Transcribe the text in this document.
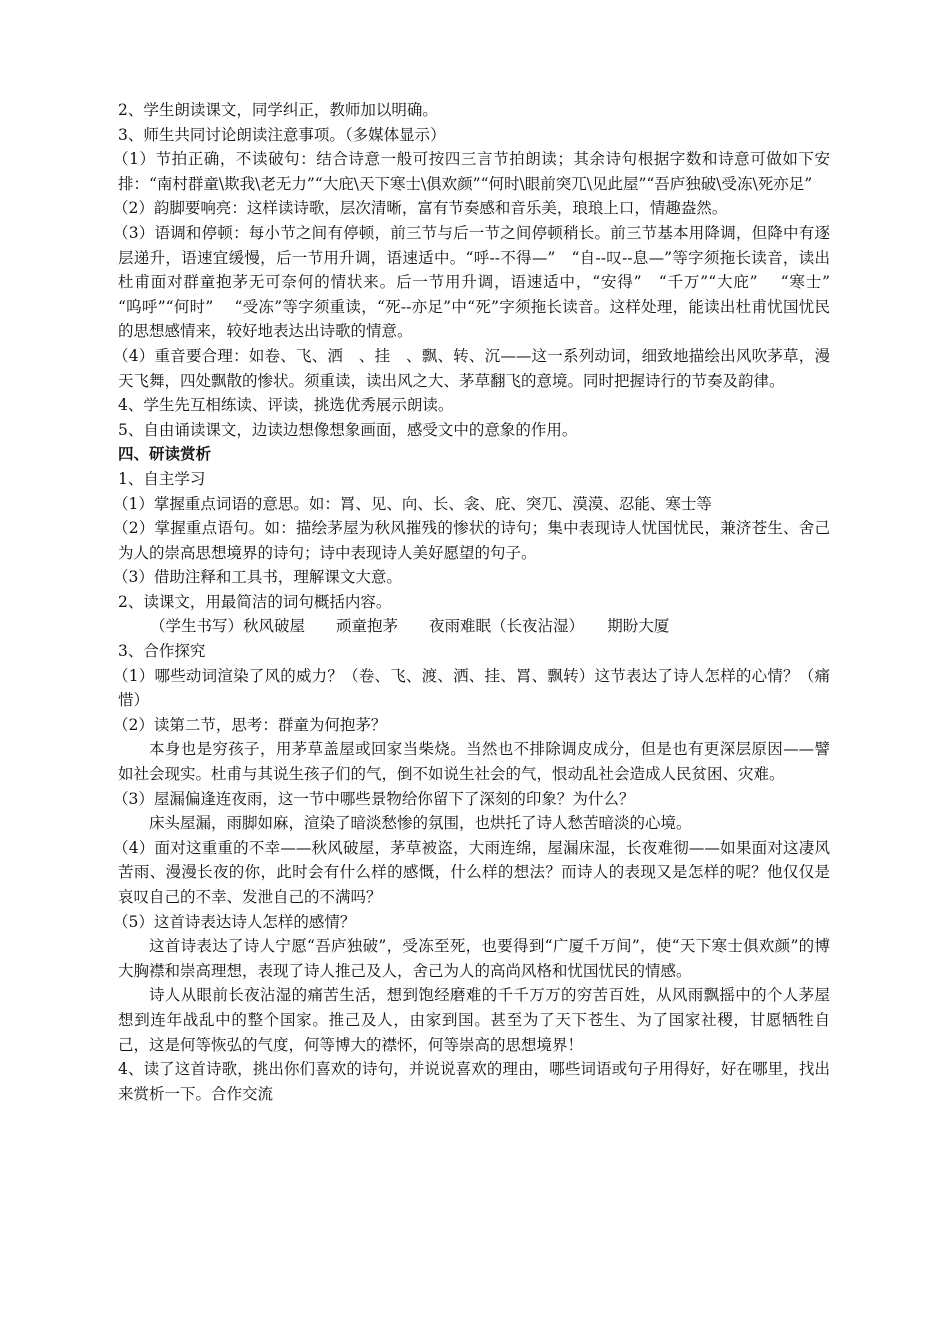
2、学生朗读课文，同学纠正，教师加以明确。

3、师生共同讨论朗读注意事项。（多媒体显示）

（1）节拍正确，不读破句：结合诗意一般可按四三言节拍朗读；其余诗句根据字数和诗意可做如下安排：“南村群童\欺我\老无力”“大庇\天下寒士\俱欢颜”“何时\眼前突兀\见此屋”“吾庐独破\受冻\死亦足”

（2）韵脚要响亮：这样读诗歌，层次清晰，富有节奏感和音乐美，琅琅上口，情趣盎然。

（3）语调和停顿：每小节之间有停顿，前三节与后一节之间停顿稍长。前三节基本用降调，但降中有逐层递升，语速宜缓慢，后一节用升调，语速适中。“呼--不得—”　“自--叹--息—”等字须拖长读音，读出杜甫面对群童抱茅无可奈何的情状来。后一节用升调，语速适中，“安得”　“千万”“大庇”　 “寒士”　 “呜呼”“何时”　 “受冻”等字须重读，“死--亦足”中“死”字须拖长读音。这样处理，能读出杜甫忧国忧民的思想感情来，较好地表达出诗歌的情意。

（4）重音要合理：如卷、飞、洒　、挂　、飘、转、沉——这一系列动词，细致地描绘出风吹茅草，漫天飞舞，四处飘散的惨状。须重读，读出风之大、茅草翻飞的意境。同时把握诗行的节奏及韵律。

4、学生先互相练读、评读，挑选优秀展示朗读。

5、自由诵读课文，边读边想像想象画面，感受文中的意象的作用。

四、研读赏析

1、自主学习

（1）掌握重点词语的意思。如：罥、见、向、长、衾、庇、突兀、漠漠、忍能、寒士等

（2）掌握重点语句。如：描绘茅屋为秋风摧残的惨状的诗句；集中表现诗人忧国忧民，兼济苍生、舍己为人的崇高思想境界的诗句；诗中表现诗人美好愿望的句子。

（3）借助注释和工具书，理解课文大意。

2、读课文，用最简洁的词句概括内容。

（学生书写）秋风破屋　　顽童抱茅　　夜雨难眠（长夜沾湿）　　期盼大厦

3、合作探究

（1）哪些动词渲染了风的威力？（卷、飞、渡、洒、挂、罥、飘转）这节表达了诗人怎样的心情？（痛惜）

（2）读第二节，思考：群童为何抱茅？

本身也是穷孩子，用茅草盖屋或回家当柴烧。当然也不排除调皮成分，但是也有更深层原因——譬如社会现实。杜甫与其说生孩子们的气，倒不如说生社会的气，恨动乱社会造成人民贫困、灾难。

（3）屋漏偏逢连夜雨，这一节中哪些景物给你留下了深刻的印象？为什么？

床头屋漏，雨脚如麻，渲染了暗淡愁惨的氛围，也烘托了诗人愁苦暗淡的心境。

（4）面对这重重的不幸——秋风破屋，茅草被盗，大雨连绵，屋漏床湿，长夜难彻——如果面对这凄风苦雨、漫漫长夜的你，此时会有什么样的感慨，什么样的想法？而诗人的表现又是怎样的呢？他仅仅是哀叹自己的不幸、发泄自己的不满吗？

（5）这首诗表达诗人怎样的感情？

这首诗表达了诗人宁愿“吾庐独破”，受冻至死，也要得到“广厦千万间”，使“天下寒士俱欢颜”的博大胸襟和崇高理想，表现了诗人推己及人，舍己为人的高尚风格和忧国忧民的情感。

诗人从眼前长夜沾湿的痛苦生活，想到饱经磨难的千千万万的穷苦百姓，从风雨飘摇中的个人茅屋想到连年战乱中的整个国家。推己及人，由家到国。甚至为了天下苍生、为了国家社稷，甘愿牺牲自己，这是何等恢弘的气度，何等博大的襟怀，何等崇高的思想境界！

4、读了这首诗歌，挑出你们喜欢的诗句，并说说喜欢的理由，哪些词语或句子用得好，好在哪里，找出来赏析一下。合作交流
